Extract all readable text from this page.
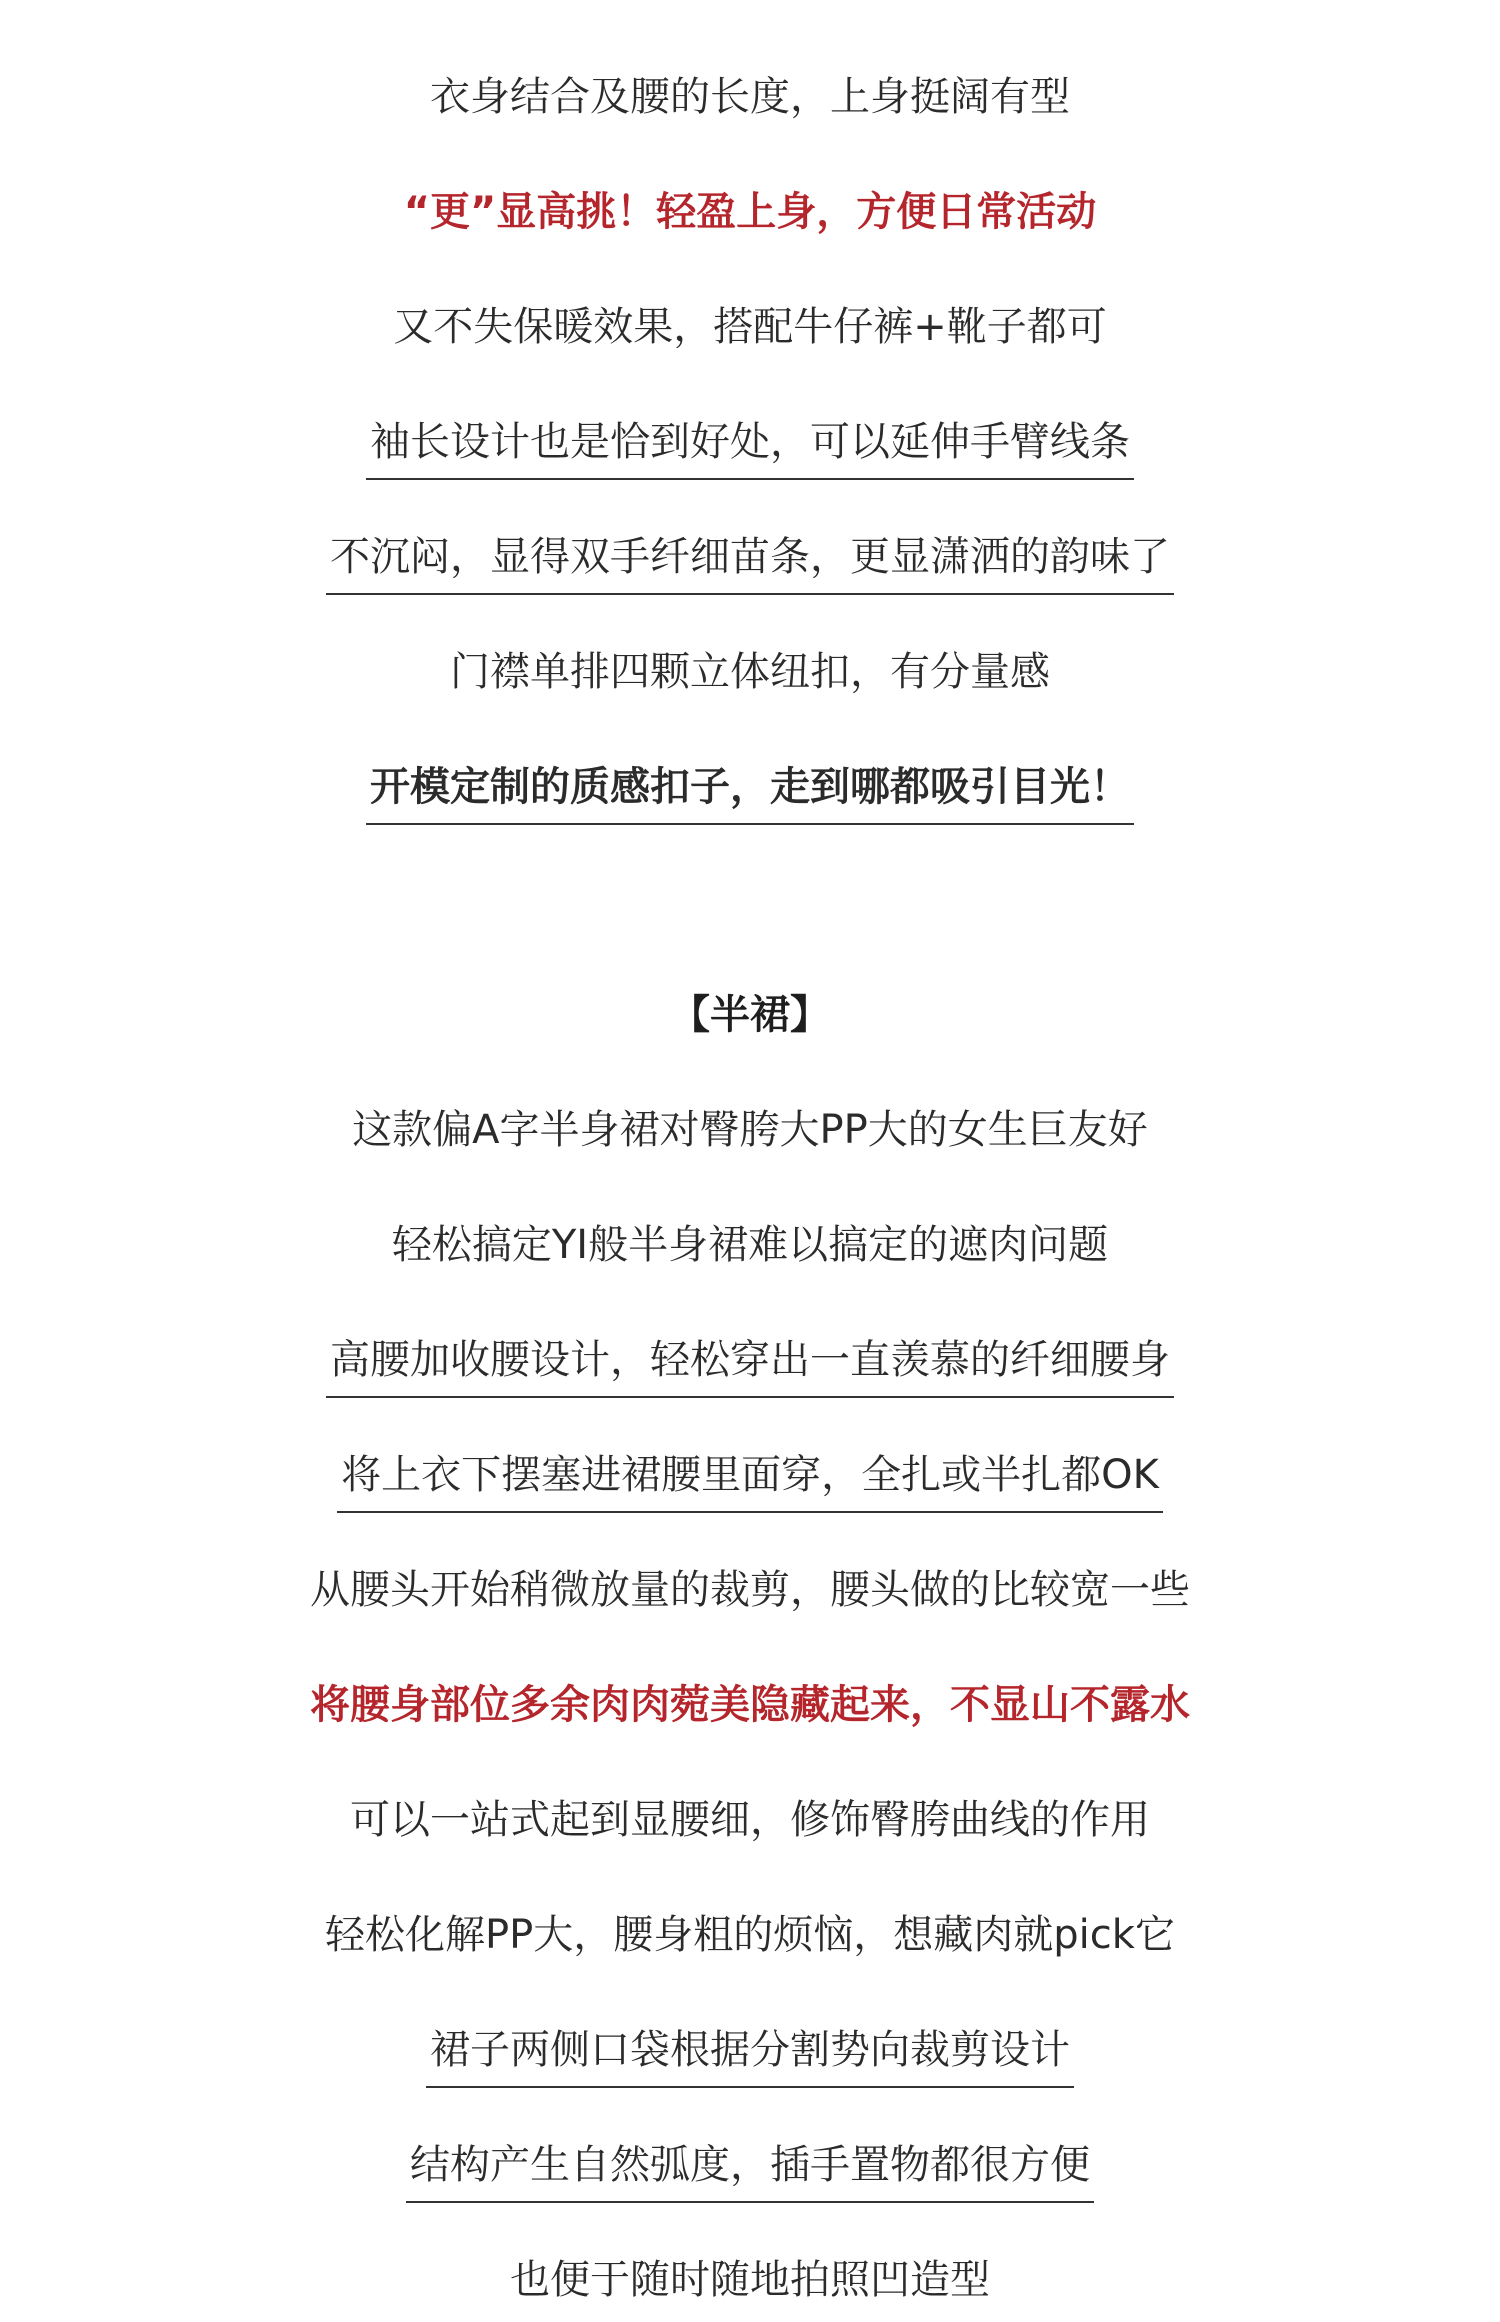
衣身结合及腰的长度，上身挺阔有型
“更”显高挑！轻盈上身，方便日常活动
又不失保暖效果，搭配牛仔裤+靴子都可
袖长设计也是恰到好处，可以延伸手臂线条
不沉闷，显得双手纤细苗条，更显潇洒的韵味了
门襟单排四颗立体纽扣，有分量感
开模定制的质感扣子，走到哪都吸引目光！
【半裙】
这款偏A字半身裙对臀胯大PP大的女生巨友好
轻松搞定YI般半身裙难以搞定的遮肉问题
高腰加收腰设计，轻松穿出一直羡慕的纤细腰身
将上衣下摆塞进裙腰里面穿，全扎或半扎都OK
从腰头开始稍微放量的裁剪，腰头做的比较宽一些
将腰身部位多余肉肉菀美隐藏起来，不显山不露水
可以一站式起到显腰细，修饰臀胯曲线的作用
轻松化解PP大，腰身粗的烦恼，想藏肉就pick它
裙子两侧口袋根据分割势向裁剪设计
结构产生自然弧度，插手置物都很方便
也便于随时随地拍照凹造型
